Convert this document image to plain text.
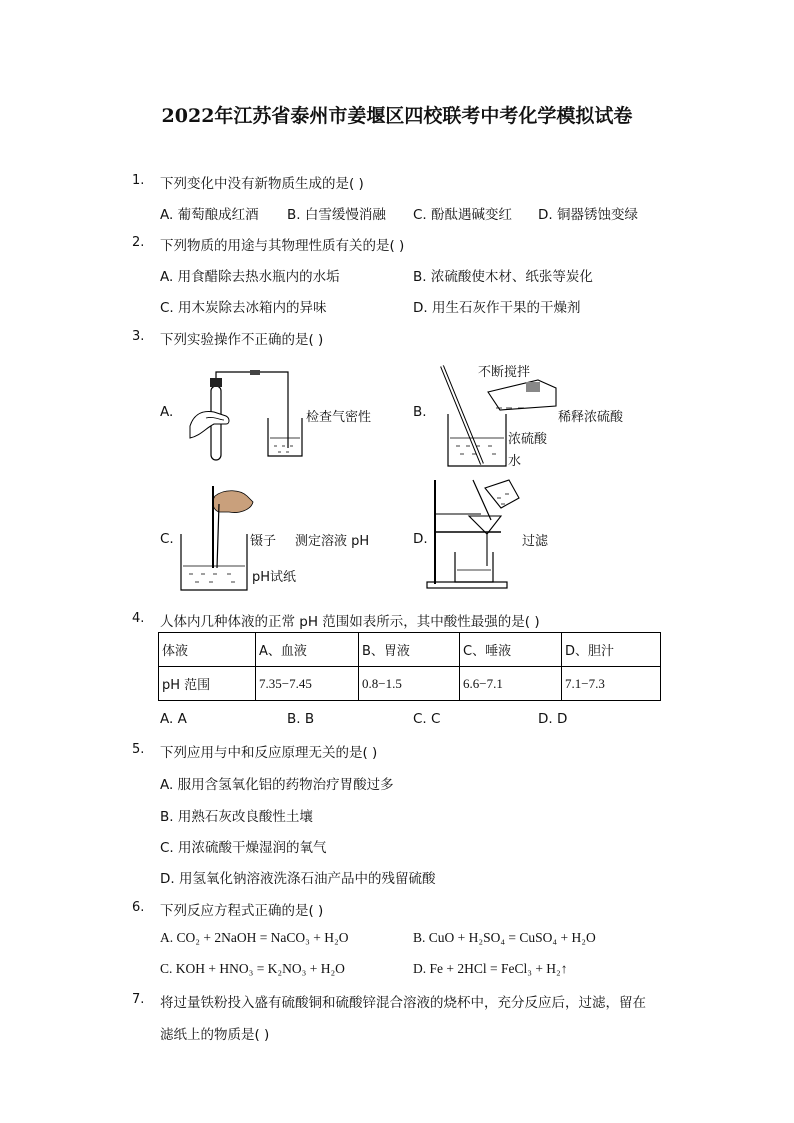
2022年江苏省泰州市姜堰区四校联考中考化学模拟试卷
1. 下列变化中没有新物质生成的是( )
A. 葡萄酿成红酒 B. 白雪缓慢消融 C. 酚酞遇碱变红 D. 铜器锈蚀变绿
2. 下列物质的用途与其物理性质有关的是( )
A. 用食醋除去热水瓶内的水垢	B. 浓硫酸使木材、纸张等炭化
C. 用木炭除去冰箱内的异味	D. 用生石灰作干果的干燥剂
3. 下列实验操作不正确的是( )
A.	检查气密性	B.
不断搅拌
稀释浓硫酸
浓硫酸
水
C.	镊子 测定溶液 pH
pH试纸
D.	过滤
4. 人体内几种体液的正常 pH 范围如表所示，其中酸性最强的是( )
体液	A、血液	B、胃液	C、唾液	D、胆汁
pH 范围	7.35−7.45	0.8−1.5	6.6−7.1	7.1−7.3
A. A	B. B	C. C	D. D
5. 下列应用与中和反应原理无关的是( )
A. 服用含氢氧化铝的药物治疗胃酸过多
B. 用熟石灰改良酸性土壤
C. 用浓硫酸干燥湿润的氧气
D. 用氢氧化钠溶液洗涤石油产品中的残留硫酸
6. 下列反应方程式正确的是( )
A. CO₂ + 2NaOH = NaCO₃ + H₂O	B. CuO + H₂SO₄ = CuSO₄ + H₂O
C. KOH + HNO₃ = K₂NO₃ + H₂O	D. Fe + 2HCl = FeCl₃ + H₂↑
7. 将过量铁粉投入盛有硫酸铜和硫酸锌混合溶液的烧杯中，充分反应后，过滤，留在
滤纸上的物质是( )
